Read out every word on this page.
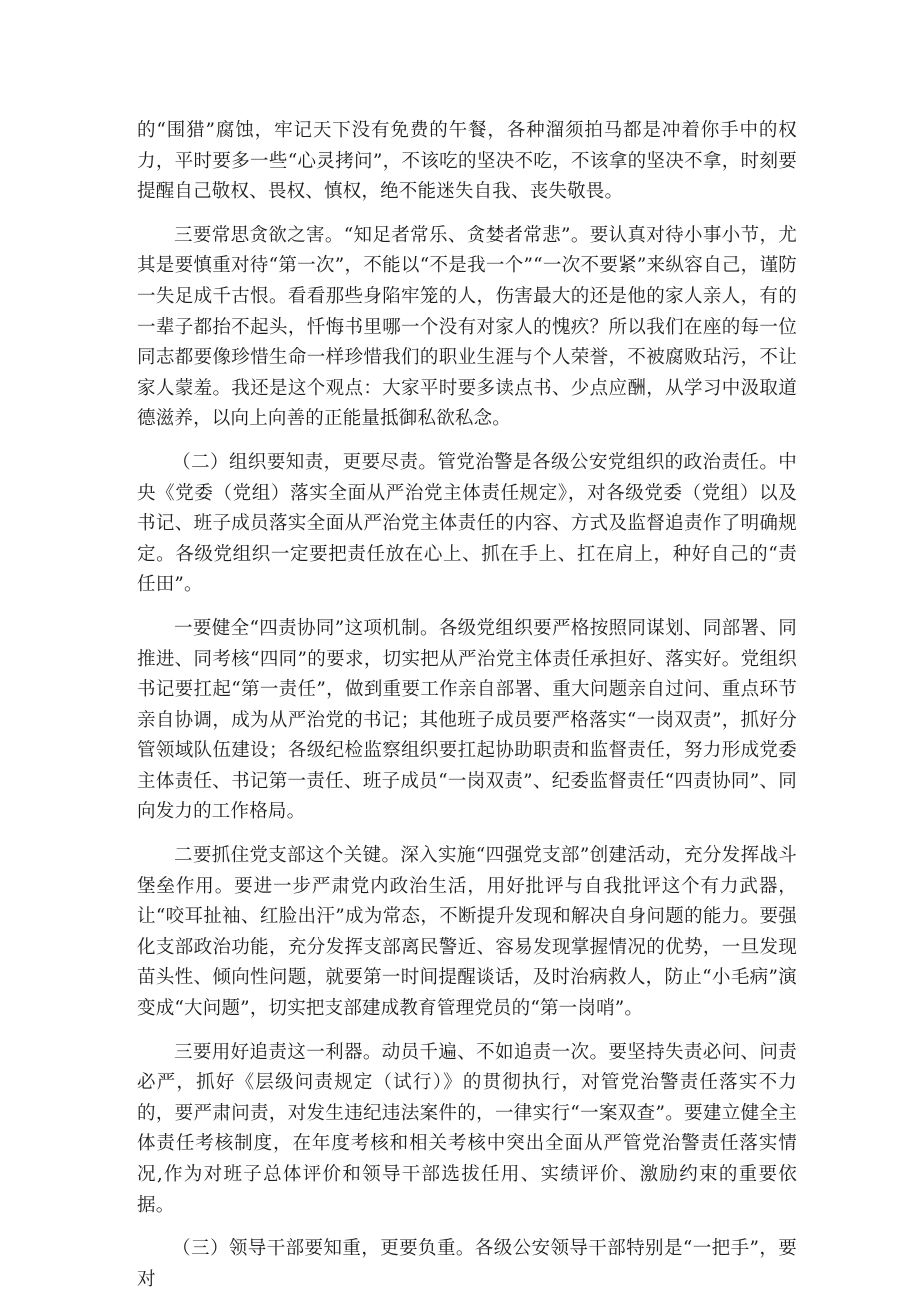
的“围猎”腐蚀，牢记天下没有免费的午餐，各种溜须拍马都是冲着你手中的权力，平时要多一些“心灵拷问”，不该吃的坚决不吃，不该拿的坚决不拿，时刻要提醒自己敬权、畏权、慎权，绝不能迷失自我、丧失敬畏。

三要常思贪欲之害。“知足者常乐、贪婪者常悲”。要认真对待小事小节，尤其是要慎重对待“第一次”，不能以“不是我一个”“一次不要紧”来纵容自己，谨防一失足成千古恨。看看那些身陷牢笼的人，伤害最大的还是他的家人亲人，有的一辈子都抬不起头，忏悔书里哪一个没有对家人的愧疚？所以我们在座的每一位同志都要像珍惜生命一样珍惜我们的职业生涯与个人荣誉，不被腐败玷污，不让家人蒙羞。我还是这个观点：大家平时要多读点书、少点应酬，从学习中汲取道德滋养，以向上向善的正能量抵御私欲私念。

（二）组织要知责，更要尽责。管党治警是各级公安党组织的政治责任。中央《党委（党组）落实全面从严治党主体责任规定》，对各级党委（党组）以及书记、班子成员落实全面从严治党主体责任的内容、方式及监督追责作了明确规定。各级党组织一定要把责任放在心上、抓在手上、扛在肩上，种好自己的“责任田”。

一要健全“四责协同”这项机制。各级党组织要严格按照同谋划、同部署、同推进、同考核“四同”的要求，切实把从严治党主体责任承担好、落实好。党组织书记要扛起“第一责任”，做到重要工作亲自部署、重大问题亲自过问、重点环节亲自协调，成为从严治党的书记；其他班子成员要严格落实“一岗双责”，抓好分管领域队伍建设；各级纪检监察组织要扛起协助职责和监督责任，努力形成党委主体责任、书记第一责任、班子成员“一岗双责”、纪委监督责任“四责协同”、同向发力的工作格局。

二要抓住党支部这个关键。深入实施“四强党支部”创建活动，充分发挥战斗堡垒作用。要进一步严肃党内政治生活，用好批评与自我批评这个有力武器，让“咬耳扯袖、红脸出汗”成为常态，不断提升发现和解决自身问题的能力。要强化支部政治功能，充分发挥支部离民警近、容易发现掌握情况的优势，一旦发现苗头性、倾向性问题，就要第一时间提醒谈话，及时治病救人，防止“小毛病”演变成“大问题”，切实把支部建成教育管理党员的“第一岗哨”。

三要用好追责这一利器。动员千遍、不如追责一次。要坚持失责必问、问责必严，抓好《层级问责规定（试行）》的贯彻执行，对管党治警责任落实不力的，要严肃问责，对发生违纪违法案件的，一律实行“一案双查”。要建立健全主体责任考核制度，在年度考核和相关考核中突出全面从严管党治警责任落实情况,作为对班子总体评价和领导干部选拔任用、实绩评价、激励约束的重要依据。

（三）领导干部要知重，更要负重。各级公安领导干部特别是“一把手”，要对
